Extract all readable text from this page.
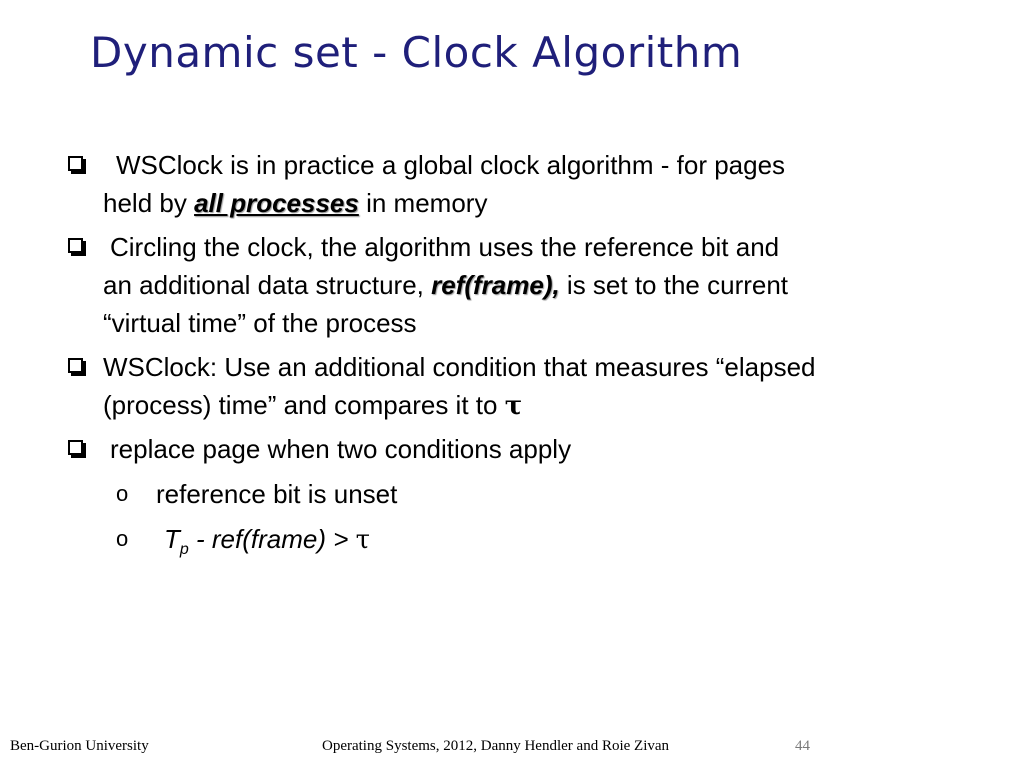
Dynamic set - Clock Algorithm
WSClock is in practice a global clock algorithm - for pages
held by all processes in memory
Circling the clock, the algorithm uses the reference bit and
an additional data structure, ref(frame), is set to the current
“virtual time” of the process
WSClock: Use an additional condition that measures “elapsed
(process) time” and compares it to τ
replace page when two conditions apply
o reference bit is unset
o $T_p$ - ref(frame) > τ
Ben-Gurion University	Operating Systems, 2012, Danny Hendler and Roie Zivan	44
